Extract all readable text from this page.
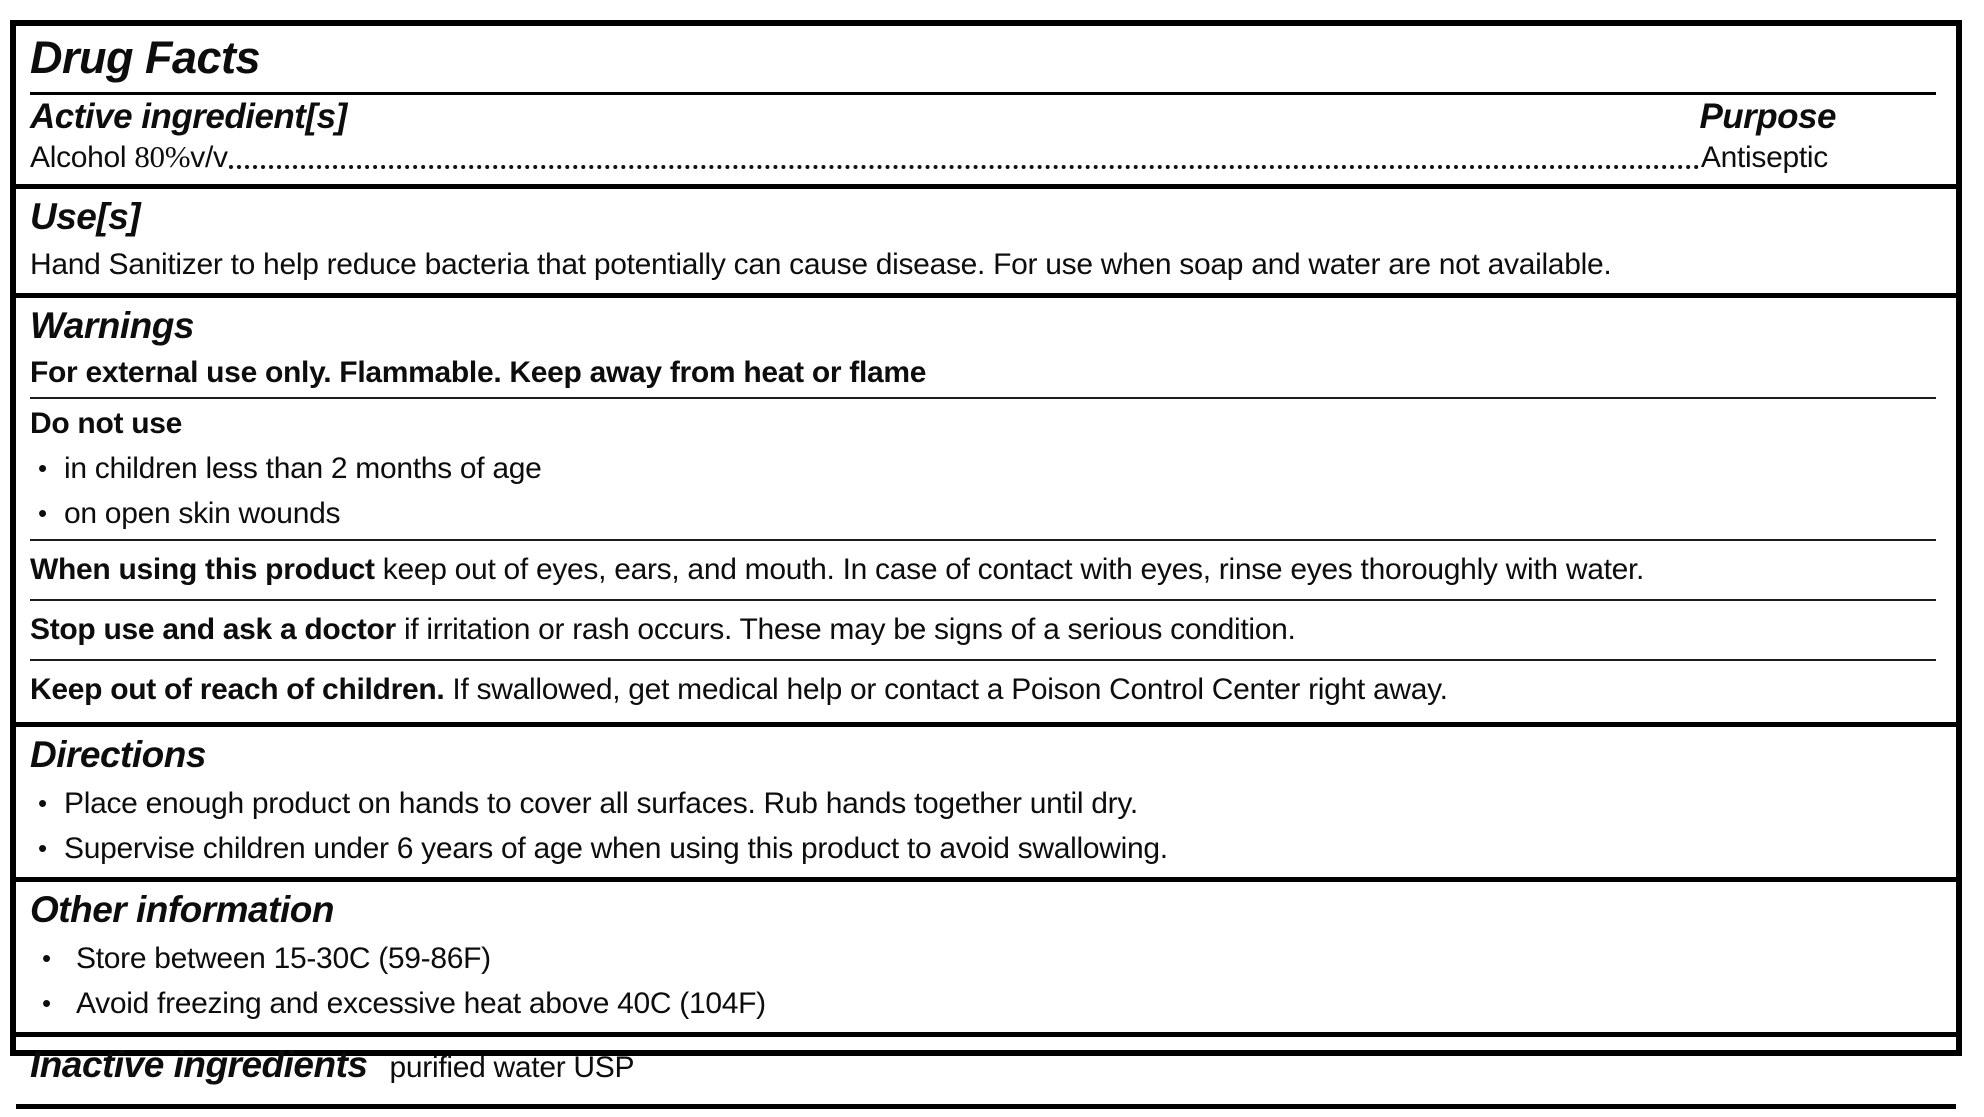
Drug Facts
Active ingredient[s]	Purpose
Alcohol 80%v/v	Antiseptic
Use[s]
Hand Sanitizer to help reduce bacteria that potentially can cause disease. For use when soap and water are not available.
Warnings
For external use only. Flammable. Keep away from heat or flame
Do not use
• in children less than 2 months of age
• on open skin wounds
When using this product keep out of eyes, ears, and mouth. In case of contact with eyes, rinse eyes thoroughly with water.
Stop use and ask a doctor if irritation or rash occurs. These may be signs of a serious condition.
Keep out of reach of children. If swallowed, get medical help or contact a Poison Control Center right away.
Directions
• Place enough product on hands to cover all surfaces. Rub hands together until dry.
• Supervise children under 6 years of age when using this product to avoid swallowing.
Other information
• Store between 15-30C (59-86F)
• Avoid freezing and excessive heat above 40C (104F)
Inactive ingredients purified water USP
